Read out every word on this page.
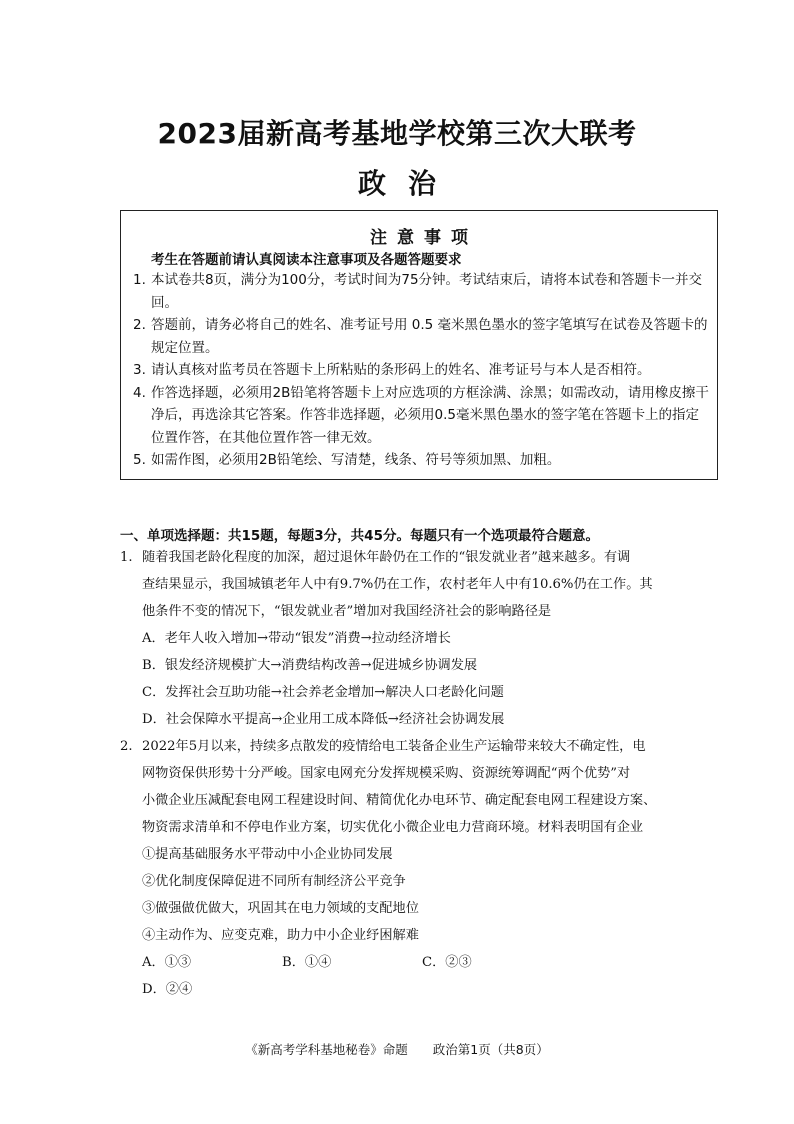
2023届新高考基地学校第三次大联考
政治
注意事项
考生在答题前请认真阅读本注意事项及各题答题要求
1. 本试卷共8页，满分为100分，考试时间为75分钟。考试结束后，请将本试卷和答题卡一并交回。
2. 答题前，请务必将自己的姓名、准考证号用 0.5 毫米黑色墨水的签字笔填写在试卷及答题卡的规定位置。
3. 请认真核对监考员在答题卡上所粘贴的条形码上的姓名、准考证号与本人是否相符。
4. 作答选择题，必须用2B铅笔将答题卡上对应选项的方框涂满、涂黑；如需改动，请用橡皮擦干净后，再选涂其它答案。作答非选择题，必须用0.5毫米黑色墨水的签字笔在答题卡上的指定位置作答，在其他位置作答一律无效。
5. 如需作图，必须用2B铅笔绘、写清楚，线条、符号等须加黑、加粗。
一、单项选择题：共15题，每题3分，共45分。每题只有一个选项最符合题意。
1. 随着我国老龄化程度的加深，超过退休年龄仍在工作的“银发就业者”越来越多。有调
查结果显示，我国城镇老年人中有9.7%仍在工作，农村老年人中有10.6%仍在工作。其
他条件不变的情况下，“银发就业者”增加对我国经济社会的影响路径是
A．老年人收入增加→带动“银发”消费→拉动经济增长
B．银发经济规模扩大→消费结构改善→促进城乡协调发展
C．发挥社会互助功能→社会养老金增加→解决人口老龄化问题
D．社会保障水平提高→企业用工成本降低→经济社会协调发展
2. 2022年5月以来，持续多点散发的疫情给电工装备企业生产运输带来较大不确定性，电
网物资保供形势十分严峻。国家电网充分发挥规模采购、资源统筹调配“两个优势”对
小微企业压减配套电网工程建设时间、精简优化办电环节、确定配套电网工程建设方案、
物资需求清单和不停电作业方案，切实优化小微企业电力营商环境。材料表明国有企业
①提高基础服务水平带动中小企业协同发展
②优化制度保障促进不同所有制经济公平竞争
③做强做优做大，巩固其在电力领域的支配地位
④主动作为、应变克难，助力中小企业纾困解难
A．①③	B．①④	C．②③D．②④
《新高考学科基地秘卷》命题　　政治第1页（共8页）
